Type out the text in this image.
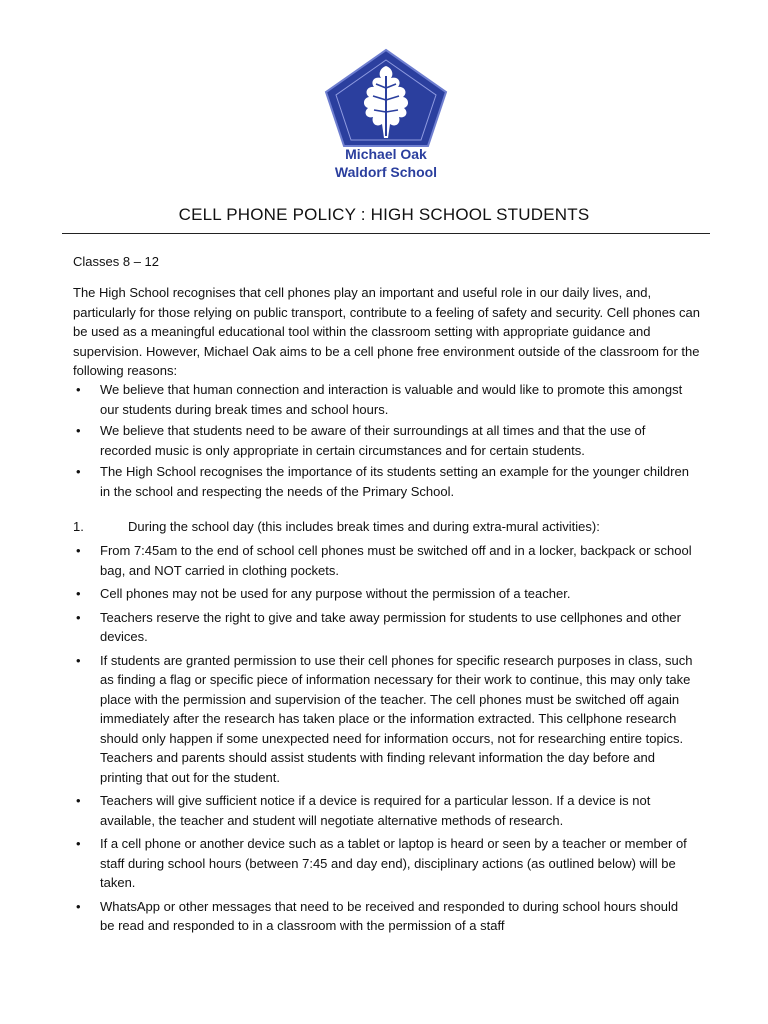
Michael Oak
Waldorf School
CELL PHONE POLICY : HIGH SCHOOL STUDENTS
Classes 8 – 12
The High School recognises that cell phones play an important and useful role in our daily lives, and, particularly for those relying on public transport, contribute to a feeling of safety and security. Cell phones can be used as a meaningful educational tool within the classroom setting with appropriate guidance and supervision. However, Michael Oak aims to be a cell phone free environment outside of the classroom for the following reasons:
• We believe that human connection and interaction is valuable and would like to promote this amongst our students during break times and school hours.
• We believe that students need to be aware of their surroundings at all times and that the use of recorded music is only appropriate in certain circumstances and for certain students.
• The High School recognises the importance of its students setting an example for the younger children in the school and respecting the needs of the Primary School.
1.	During the school day (this includes break times and during extra-mural activities):
• From 7:45am to the end of school cell phones must be switched off and in a locker, backpack or school bag, and NOT carried in clothing pockets.
• Cell phones may not be used for any purpose without the permission of a teacher.
• Teachers reserve the right to give and take away permission for students to use cellphones and other devices.
• If students are granted permission to use their cell phones for specific research purposes in class, such as finding a flag or specific piece of information necessary for their work to continue, this may only take place with the permission and supervision of the teacher. The cell phones must be switched off again immediately after the research has taken place or the information extracted. This cellphone research should only happen if some unexpected need for information occurs, not for researching entire topics. Teachers and parents should assist students with finding relevant information the day before and printing that out for the student.
• Teachers will give sufficient notice if a device is required for a particular lesson. If a device is not available, the teacher and student will negotiate alternative methods of research.
• If a cell phone or another device such as a tablet or laptop is heard or seen by a teacher or member of staff during school hours (between 7:45 and day end), disciplinary actions (as outlined below) will be taken.
• WhatsApp or other messages that need to be received and responded to during school hours should be read and responded to in a classroom with the permission of a staff
